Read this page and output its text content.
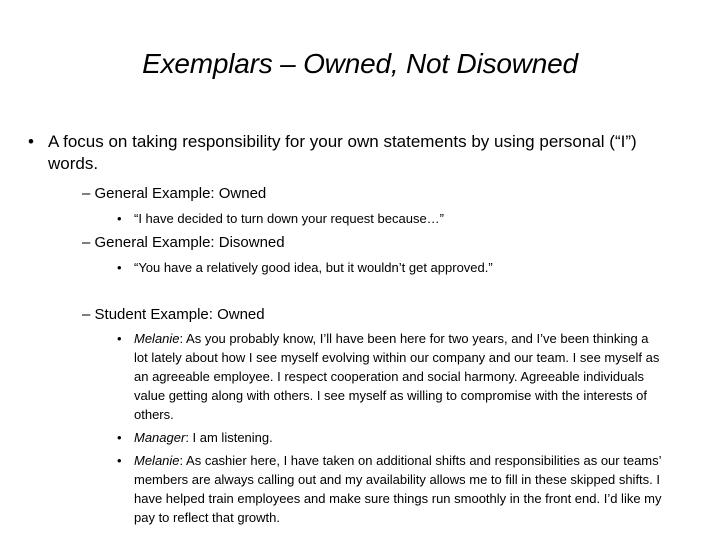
Exemplars – Owned, Not Disowned
• A focus on taking responsibility for your own statements by using personal (“I”) words.
– General Example: Owned
• “I have decided to turn down your request because…”
– General Example: Disowned
• “You have a relatively good idea, but it wouldn’t get approved.”
– Student Example: Owned
• Melanie: As you probably know, I’ll have been here for two years, and I’ve been thinking a lot lately about how I see myself evolving within our company and our team. I see myself as an agreeable employee. I respect cooperation and social harmony. Agreeable individuals value getting along with others. I see myself as willing to compromise with the interests of others.
• Manager: I am listening.
• Melanie: As cashier here, I have taken on additional shifts and responsibilities as our teams’ members are always calling out and my availability allows me to fill in these skipped shifts. I have helped train employees and make sure things run smoothly in the front end. I’d like my pay to reflect that growth.
